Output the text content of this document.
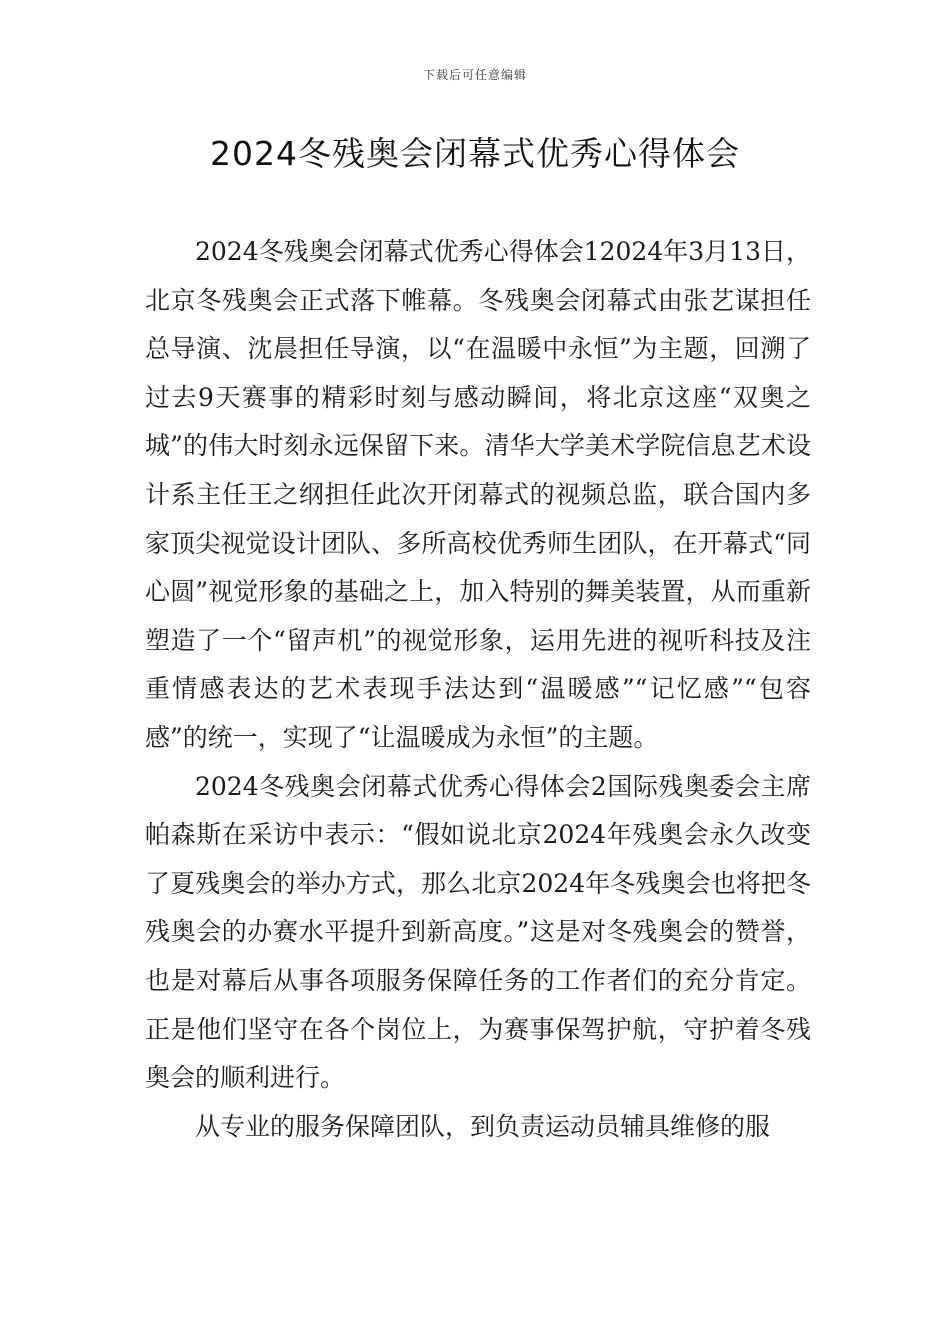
下载后可任意编辑
2024冬残奥会闭幕式优秀心得体会

2024冬残奥会闭幕式优秀心得体会12024年3月13日，北京冬残奥会正式落下帷幕。冬残奥会闭幕式由张艺谋担任总导演、沈晨担任导演，以“在温暖中永恒”为主题，回溯了过去9天赛事的精彩时刻与感动瞬间，将北京这座“双奥之城”的伟大时刻永远保留下来。清华大学美术学院信息艺术设计系主任王之纲担任此次开闭幕式的视频总监，联合国内多家顶尖视觉设计团队、多所高校优秀师生团队，在开幕式“同心圆”视觉形象的基础之上，加入特别的舞美装置，从而重新塑造了一个“留声机”的视觉形象，运用先进的视听科技及注重情感表达的艺术表现手法达到“温暖感”“记忆感”“包容感”的统一，实现了“让温暖成为永恒”的主题。

2024冬残奥会闭幕式优秀心得体会2国际残奥委会主席帕森斯在采访中表示：“假如说北京2024年残奥会永久改变了夏残奥会的举办方式，那么北京2024年冬残奥会也将把冬残奥会的办赛水平提升到新高度。”这是对冬残奥会的赞誉，也是对幕后从事各项服务保障任务的工作者们的充分肯定。正是他们坚守在各个岗位上，为赛事保驾护航，守护着冬残奥会的顺利进行。

从专业的服务保障团队，到负责运动员辅具维修的服
